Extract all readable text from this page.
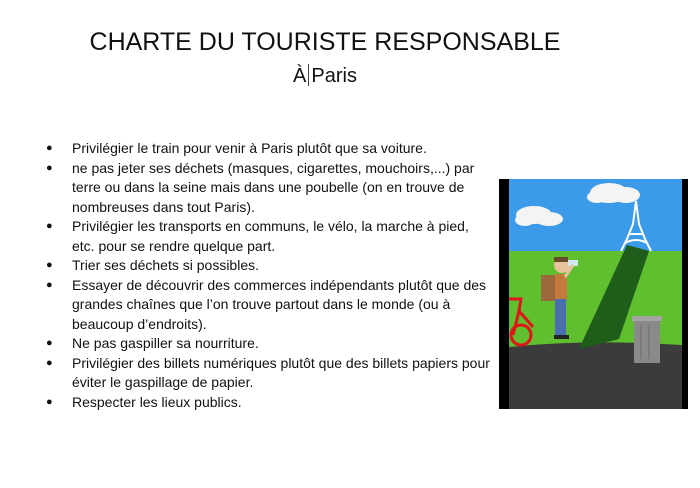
CHARTE DU TOURISTE RESPONSABLE
À Paris
● Privilégier le train pour venir à Paris plutôt que sa voiture.
● ne pas jeter ses déchets (masques, cigarettes, mouchoirs,...) par terre ou dans la seine mais dans une poubelle (on en trouve de nombreuses dans tout Paris).
● Privilégier les transports en communs, le vélo, la marche à pied, etc. pour se rendre quelque part.
● Trier ses déchets si possibles.
● Essayer de découvrir des commerces indépendants plutôt que des grandes chaînes que l’on trouve partout dans le monde (ou à beaucoup d’endroits).
● Ne pas gaspiller sa nourriture.
● Privilégier des billets numériques plutôt que des billets papiers pour éviter le gaspillage de papier.
● Respecter les lieux publics.
